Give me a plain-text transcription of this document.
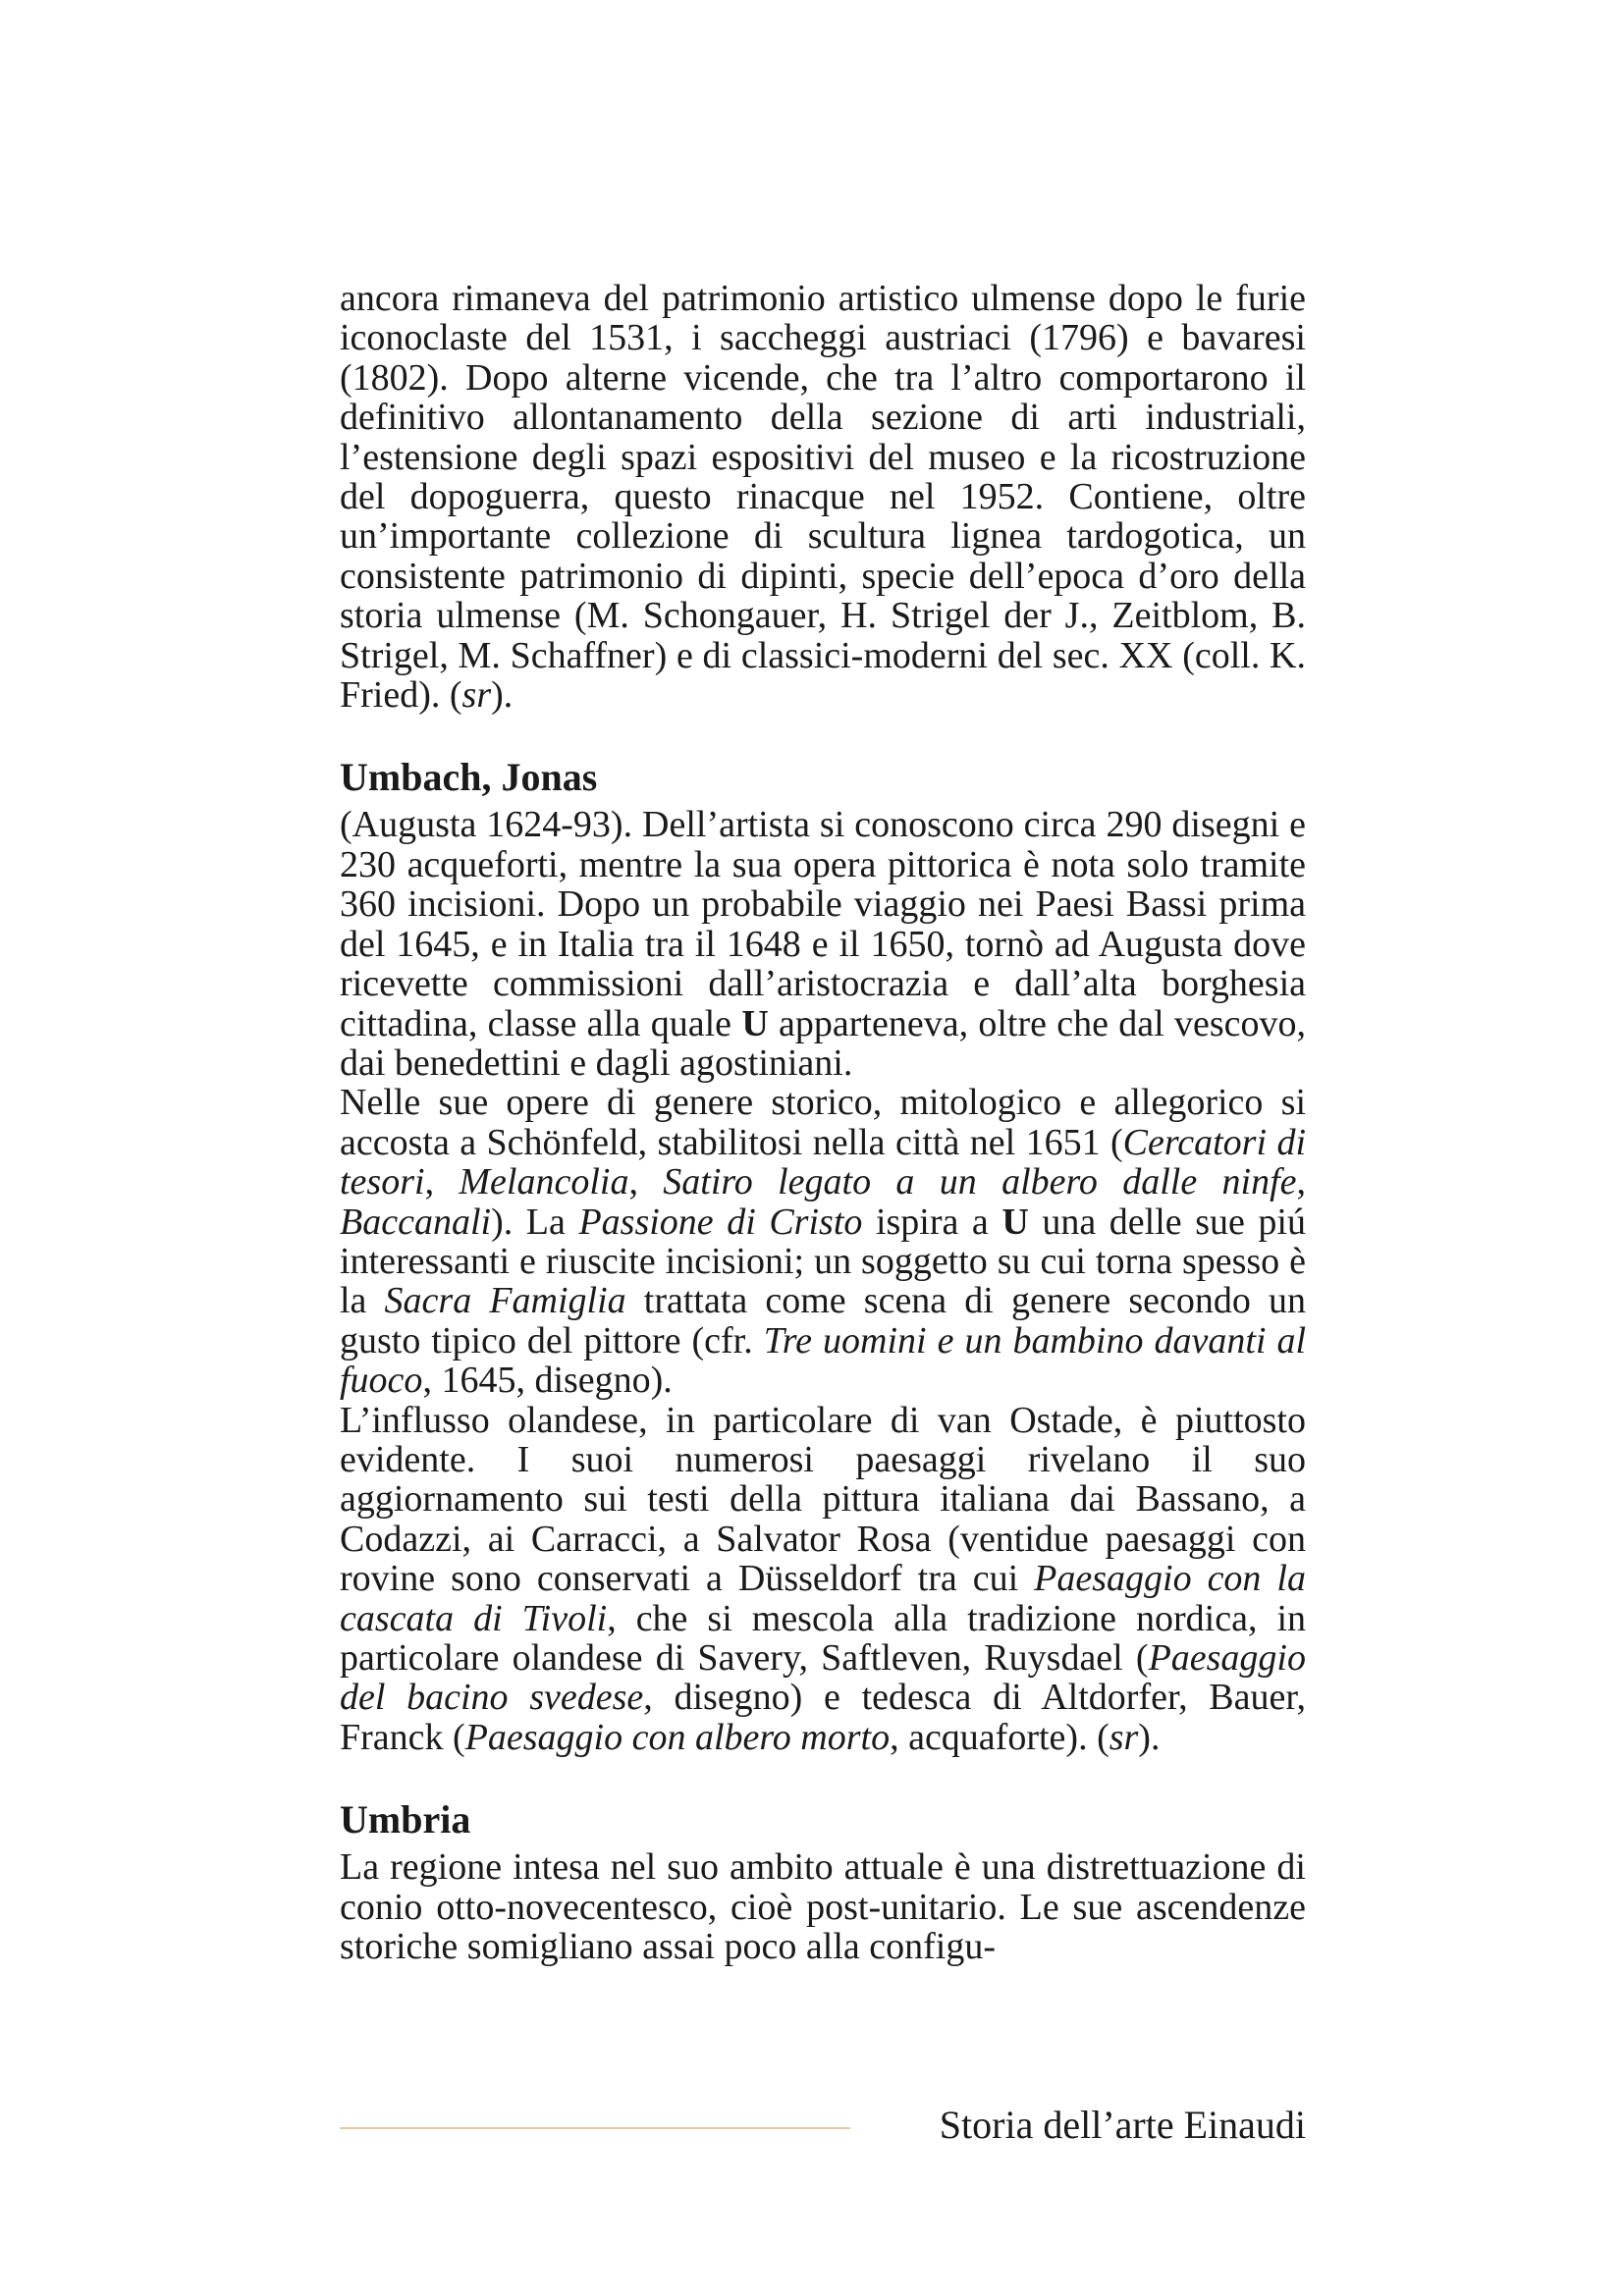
ancora rimaneva del patrimonio artistico ulmense dopo le furie iconoclaste del 1531, i saccheggi austriaci (1796) e bavaresi (1802). Dopo alterne vicende, che tra l’altro comportarono il definitivo allontanamento della sezione di arti industriali, l’estensione degli spazi espositivi del museo e la ricostruzione del dopoguerra, questo rinacque nel 1952. Contiene, oltre un’importante collezione di scultura lignea tardogotica, un consistente patrimonio di dipinti, specie dell’epoca d’oro della storia ulmense (M. Schongauer, H. Strigel der J., Zeitblom, B. Strigel, M. Schaffner) e di classici-moderni del sec. XX (coll. K. Fried). (sr).

Umbach, Jonas

(Augusta 1624-93). Dell’artista si conoscono circa 290 disegni e 230 acqueforti, mentre la sua opera pittorica è nota solo tramite 360 incisioni. Dopo un probabile viaggio nei Paesi Bassi prima del 1645, e in Italia tra il 1648 e il 1650, tornò ad Augusta dove ricevette commissioni dall’aristocrazia e dall’alta borghesia cittadina, classe alla quale U apparteneva, oltre che dal vescovo, dai benedettini e dagli agostiniani.

Nelle sue opere di genere storico, mitologico e allegorico si accosta a Schönfeld, stabilitosi nella città nel 1651 (Cercatori di tesori, Melancolia, Satiro legato a un albero dalle ninfe, Baccanali). La Passione di Cristo ispira a U una delle sue piú interessanti e riuscite incisioni; un soggetto su cui torna spesso è la Sacra Famiglia trattata come scena di genere secondo un gusto tipico del pittore (cfr. Tre uomini e un bambino davanti al fuoco, 1645, disegno).

L’influsso olandese, in particolare di van Ostade, è piuttosto evidente. I suoi numerosi paesaggi rivelano il suo aggiornamento sui testi della pittura italiana dai Bassano, a Codazzi, ai Carracci, a Salvator Rosa (ventidue paesaggi con rovine sono conservati a Düsseldorf tra cui Paesaggio con la cascata di Tivoli, che si mescola alla tradizione nordica, in particolare olandese di Savery, Saftleven, Ruysdael (Paesaggio del bacino svedese, disegno) e tedesca di Altdorfer, Bauer, Franck (Paesaggio con albero morto, acquaforte). (sr).

Umbria

La regione intesa nel suo ambito attuale è una distrettuazione di conio otto-novecentesco, cioè post-unitario. Le sue ascendenze storiche somigliano assai poco alla configu-

Storia dell’arte Einaudi
